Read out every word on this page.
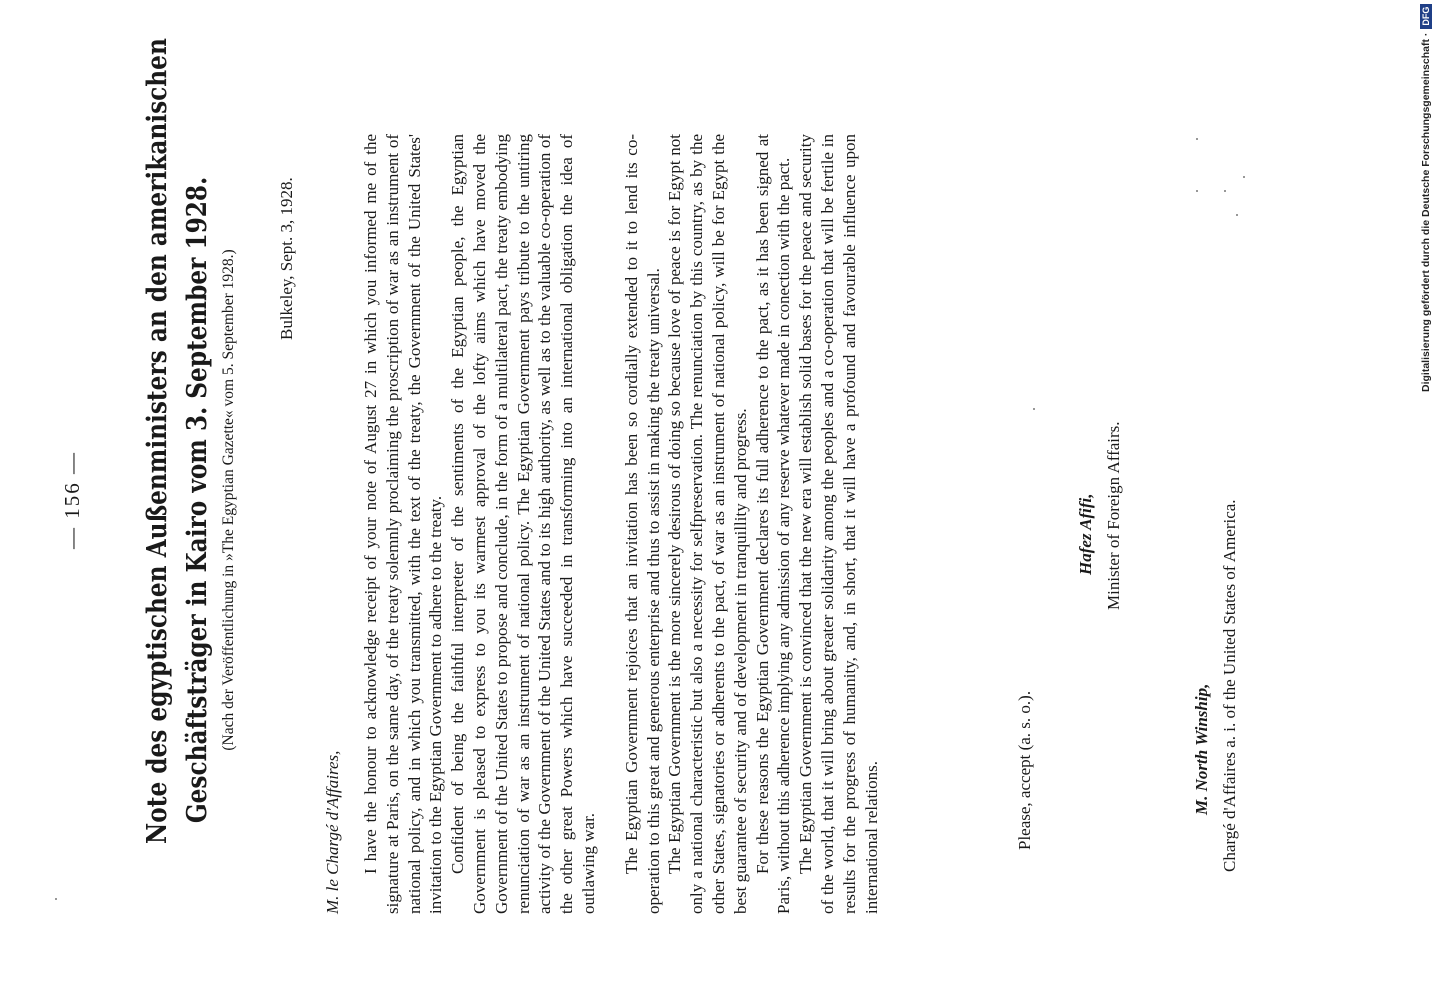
— 156 — Note des egyptischen Außenministers an den amerikanischen Geschäftsträger in Kairo vom 3. September 1928. (Nach der Veröffentlichung in »The Egyptian Gazette« vom 5. September 1928.) Bulkeley, Sept. 3, 1928.
M. le Chargé d'Affaires, I have the honour to acknowledge receipt of your note of August 27 in which you informed me of the signature at Paris, on the same day, of the treaty solemnly proclaiming the proscription of war as an instrument of national policy, and in which you transmitted, with the text of the treaty, the Government of the United States' invitation to the Egyptian Government to adhere to the treaty. Confident of being the faithful interpreter of the sentiments of the Egyptian people, the Egyptian Government is pleased to express to you its warmest approval of the lofty aims which have moved the Government of the United States to propose and conclude, in the form of a multilateral pact, the treaty embodying renunciation of war as an instrument of national policy. The Egyptian Government pays tribute to the untiring activity of the Government of the United States and to its high authority, as well as to the valuable co-operation of the other great Powers which have succeeded in transforming into an international obligation the idea of outlawing war. The Egyptian Government rejoices that an invitation has been so cordially extended to it to lend its co-operation to this great and generous enterprise and thus to assist in making the treaty universal. The Egyptian Government is the more sincerely desirous of doing so because love of peace is for Egypt not only a national characteristic but also a necessity for selfpreservation. The renunciation by this country, as by the other States, signatories or adherents to the pact, of war as an instrument of national policy, will be for Egypt the best guarantee of security and of development in tranquillity and progress. For these reasons the Egyptian Government declares its full adherence to the pact, as it has been signed at Paris, without this adherence implying any admission of any reserve whatever made in conection with the pact. The Egyptian Government is convinced that the new era will establish solid bases for the peace and security of the world, that it will bring about greater solidarity among the peoples and a co-operation that will be fertile in results for the progress of humanity, and, in short, that it will have a profound and favourable influence upon international relations.	Please, accept (a. s. o.).
Hafez Afifi, Minister of Foreign Affairs.
M. North Winship, Chargé d'Affaires a. i. of the United States of America.
Digitalisierung gefördert durch die Deutsche Forschungsgemeinschaft ·
DFG
